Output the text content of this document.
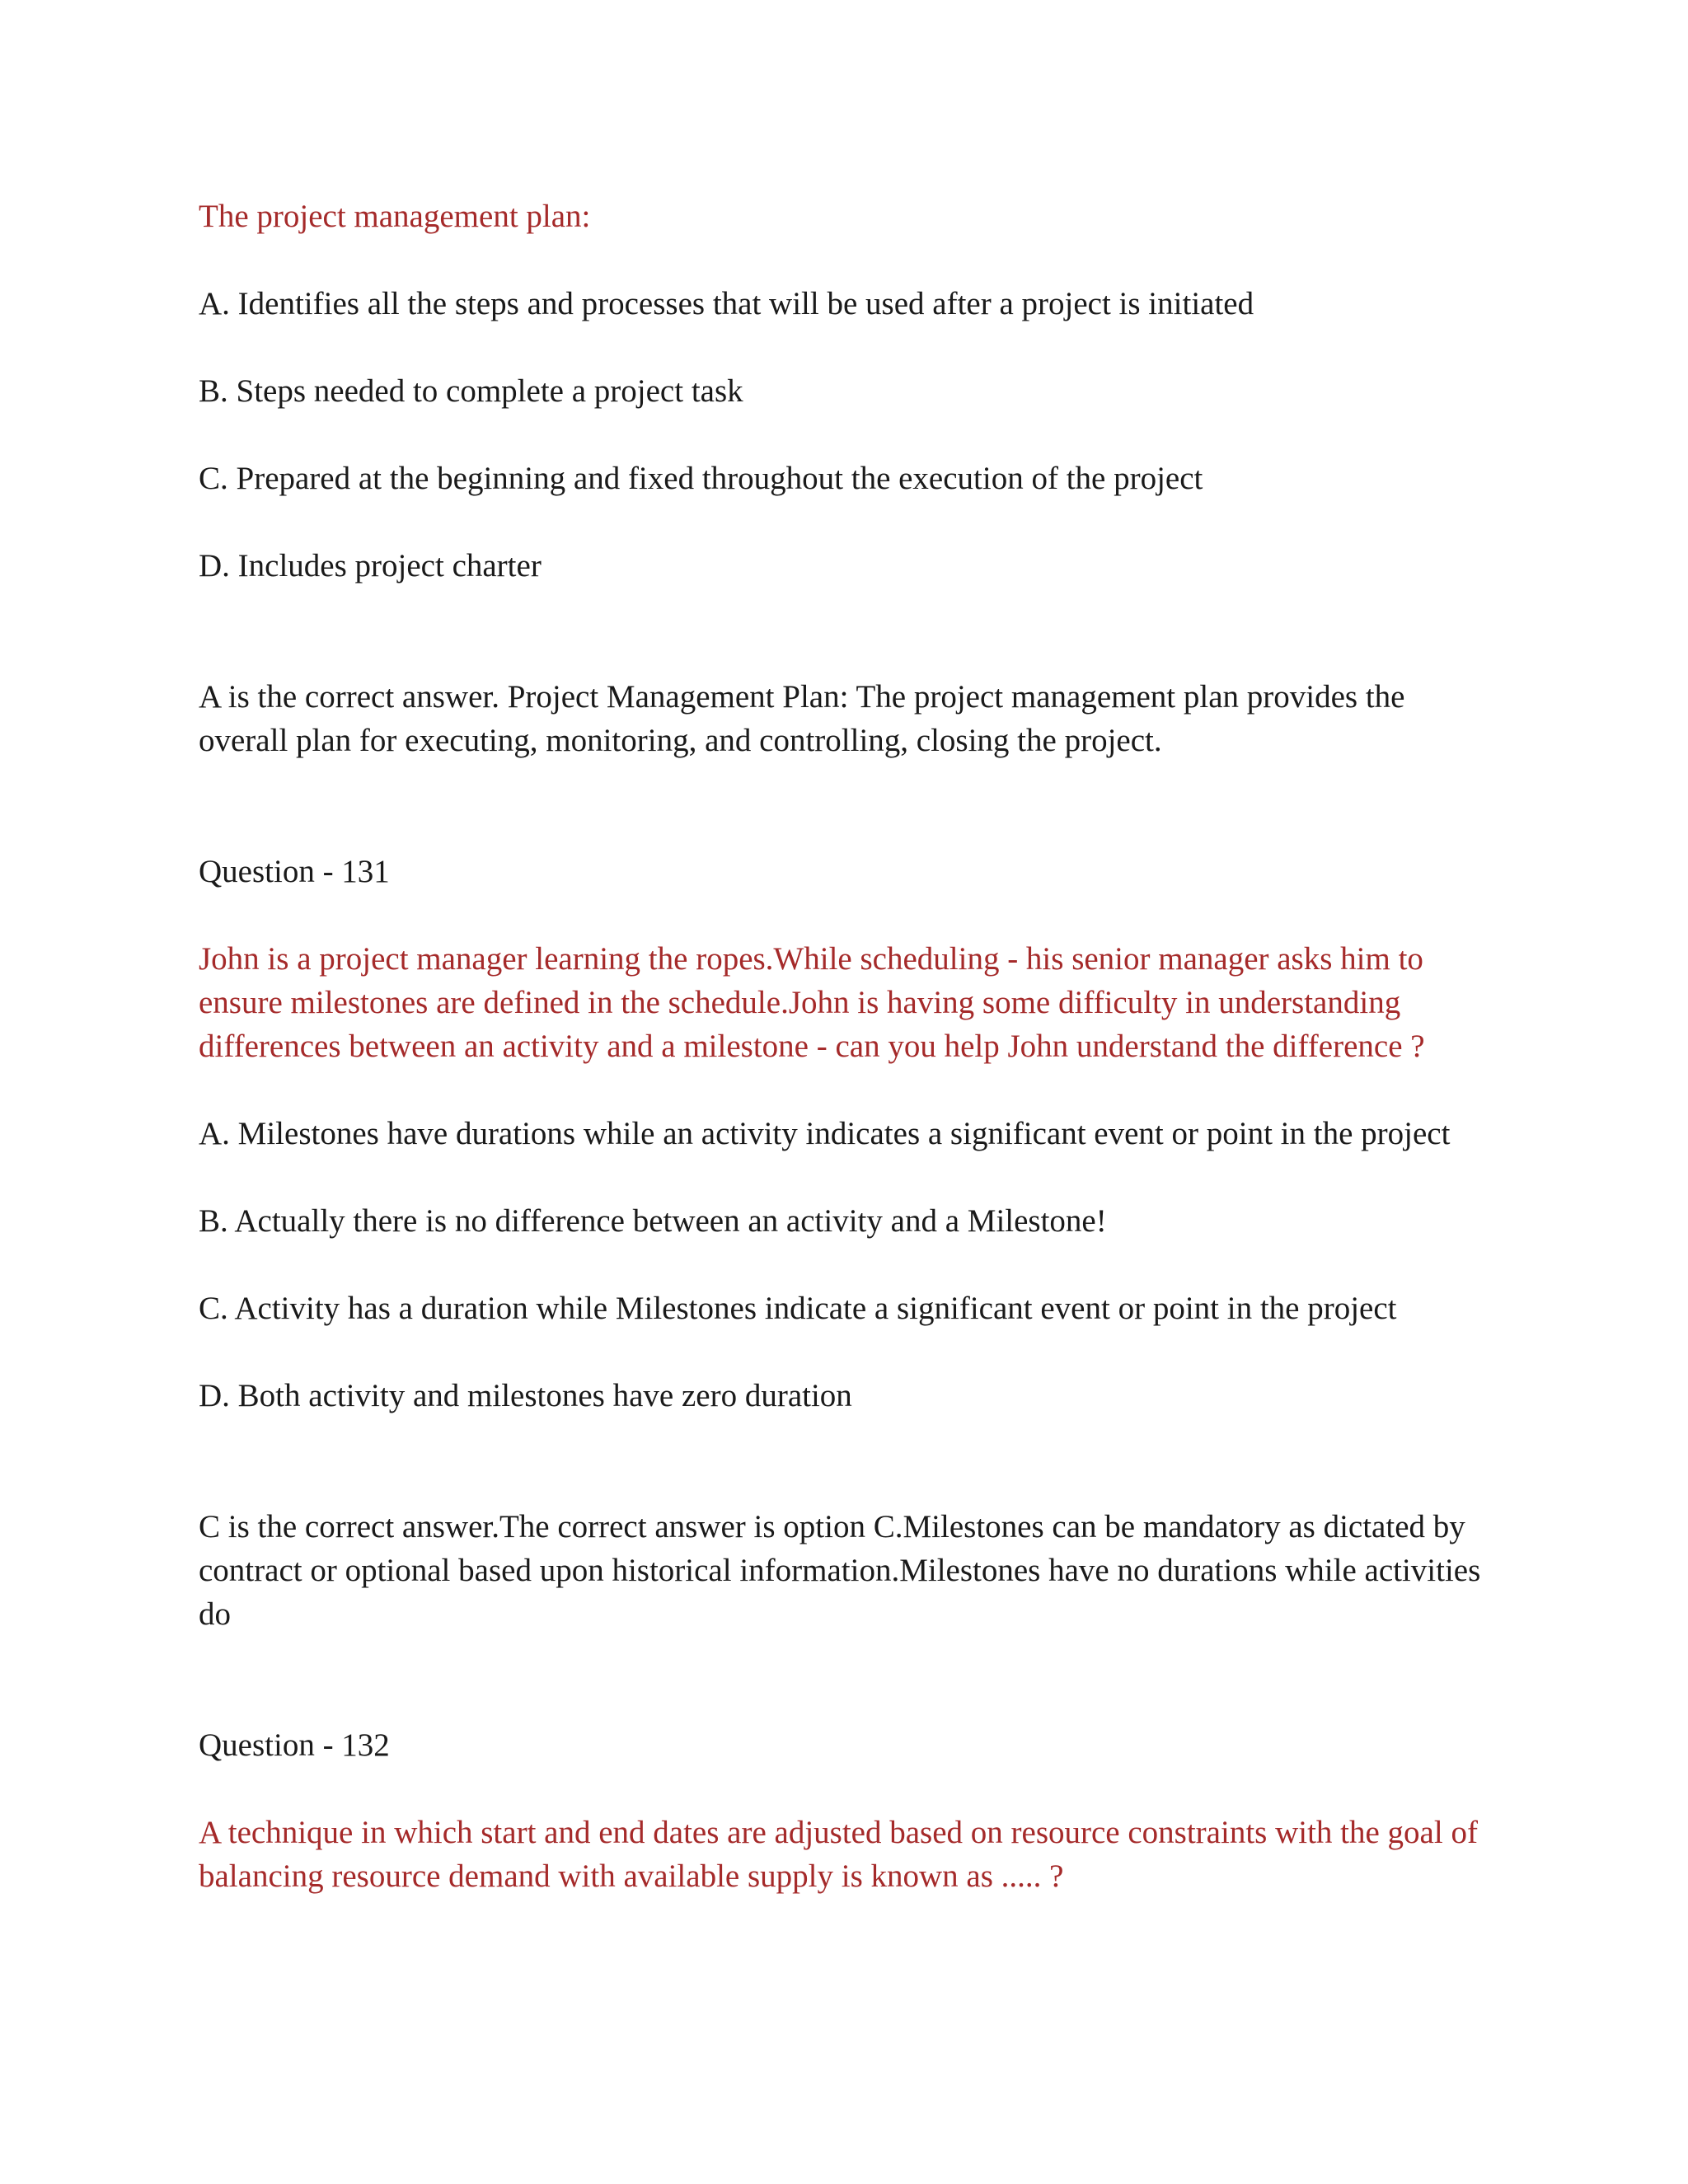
The project management plan:

A. Identifies all the steps and processes that will be used after a project is initiated

B. Steps needed to complete a project task

C. Prepared at the beginning and fixed throughout the execution of the project

D. Includes project charter

A is the correct answer. Project Management Plan: The project management plan provides the overall plan for executing, monitoring, and controlling, closing the project.

Question - 131

John is a project manager learning the ropes.While scheduling - his senior manager asks him to ensure milestones are defined in the schedule.John is having some difficulty in understanding differences between an activity and a milestone - can you help John understand the difference ?

A. Milestones have durations while an activity indicates a significant event or point in the project

B. Actually there is no difference between an activity and a Milestone!

C. Activity has a duration while Milestones indicate a significant event or point in the project

D. Both activity and milestones have zero duration

C is the correct answer.The correct answer is option C.Milestones can be mandatory as dictated by contract or optional based upon historical information.Milestones have no durations while activities do

Question - 132

A technique in which start and end dates are adjusted based on resource constraints with the goal of balancing resource demand with available supply is known as ..... ?
